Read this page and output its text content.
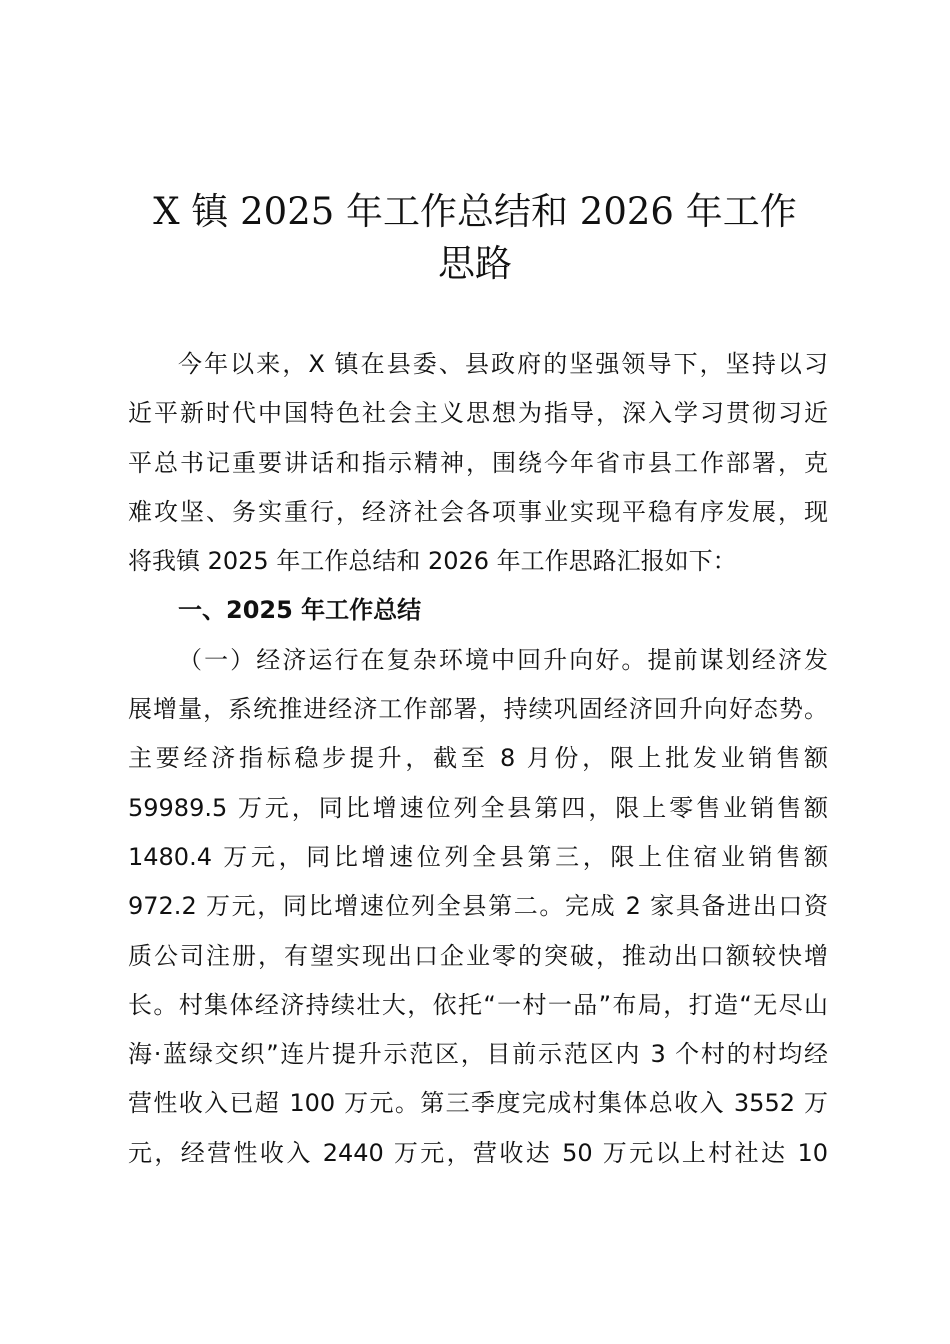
X 镇 2025 年工作总结和 2026 年工作
思路
今年以来，X 镇在县委、县政府的坚强领导下，坚持以习
近平新时代中国特色社会主义思想为指导，深入学习贯彻习近
平总书记重要讲话和指示精神，围绕今年省市县工作部署，克
难攻坚、务实重行，经济社会各项事业实现平稳有序发展，现
将我镇 2025 年工作总结和 2026 年工作思路汇报如下：
一、2025 年工作总结
（一）经济运行在复杂环境中回升向好。提前谋划经济发
展增量，系统推进经济工作部署，持续巩固经济回升向好态势。
主要经济指标稳步提升，截至 8 月份，限上批发业销售额
59989.5 万元，同比增速位列全县第四，限上零售业销售额
1480.4 万元，同比增速位列全县第三，限上住宿业销售额
972.2 万元，同比增速位列全县第二。完成 2 家具备进出口资
质公司注册，有望实现出口企业零的突破，推动出口额较快增
长。村集体经济持续壮大，依托“一村一品”布局，打造“无尽山
海·蓝绿交织”连片提升示范区，目前示范区内 3 个村的村均经
营性收入已超 100 万元。第三季度完成村集体总收入 3552 万
元，经营性收入 2440 万元，营收达 50 万元以上村社达 10
